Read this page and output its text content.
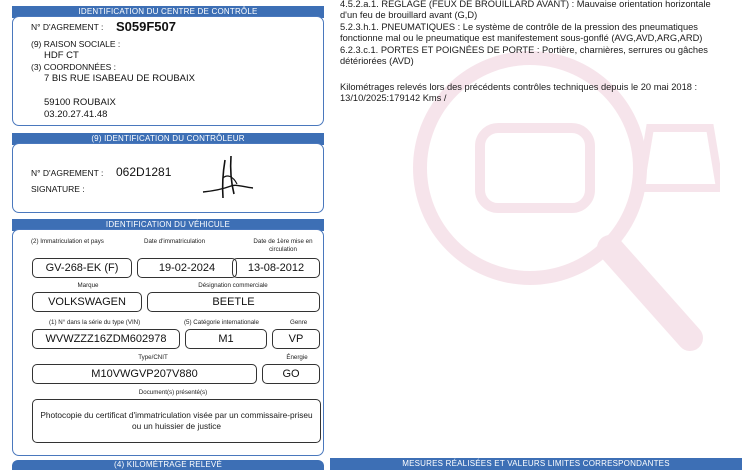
IDENTIFICATION DU CENTRE DE CONTRÔLE
N° D'AGREMENT : S059F507
(9) RAISON SOCIALE :
HDF CT
(3) COORDONNÉES :
7 BIS RUE ISABEAU DE ROUBAIX
59100 ROUBAIX
03.20.27.41.48
(9) IDENTIFICATION DU CONTRÔLEUR
N° D'AGREMENT : 062D1281
SIGNATURE :
IDENTIFICATION DU VÉHICULE
(2) Immatriculation et pays	Date d'immatriculation	Date de 1ère mise en
circulation
GV-268-EK (F)	19-02-2024	13-08-2012
Marque	Désignation commerciale
VOLKSWAGEN	BEETLE
(1) N° dans la série du type (VIN)	(5) Catégorie internationale	Genre
WVWZZZ16ZDM602978	M1	VP
Type/CNIT	Énergie
M10VWGVP207V880	GO
Document(s) présenté(s)
Photocopie du certificat d'immatriculation visée par un commissaire-priseu
ou un huissier de justice
(4) KILOMÉTRAGE RELEVÉ
4.5.2.a.1. REGLAGE (FEUX DE BROUILLARD AVANT) : Mauvaise orientation horizontale
d'un feu de brouillard avant (G,D)
5.2.3.h.1. PNEUMATIQUES : Le système de contrôle de la pression des pneumatiques
fonctionne mal ou le pneumatique est manifestement sous-gonflé (AVG,AVD,ARG,ARD)
6.2.3.c.1. PORTES ET POIGNÉES DE PORTE : Portière, charnières, serrures ou gâches
détériorées (AVD)
Kilométrages relevés lors des précédents contrôles techniques depuis le 20 mai 2018 :
13/10/2025:179142 Kms /
MESURES RÉALISÉES ET VALEURS LIMITES CORRESPONDANTES
